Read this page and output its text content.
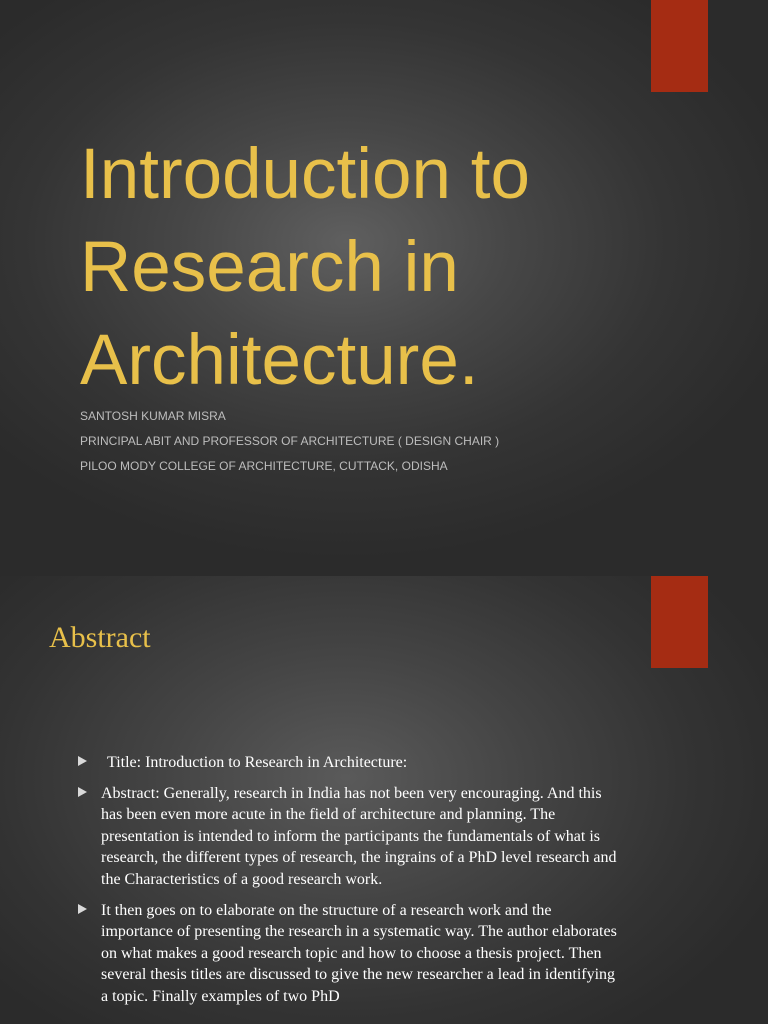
Introduction to
Research in
Architecture.
SANTOSH KUMAR MISRA
PRINCIPAL ABIT AND PROFESSOR OF ARCHITECTURE ( DESIGN CHAIR )
PILOO MODY COLLEGE OF ARCHITECTURE, CUTTACK, ODISHA
Abstract
Title: Introduction to Research in Architecture:
Abstract: Generally, research in India has not been very encouraging. And this has been even more acute in the field of architecture and planning. The presentation is intended to inform the participants the fundamentals of what is research, the different types of research, the ingrains of a PhD level research and the Characteristics of a good research work.
It then goes on to elaborate on the structure of a research work and the importance of presenting the research in a systematic way. The author elaborates on what makes a good research topic and how to choose a thesis project. Then several thesis titles are discussed to give the new researcher a lead in identifying a topic. Finally examples of two PhD
